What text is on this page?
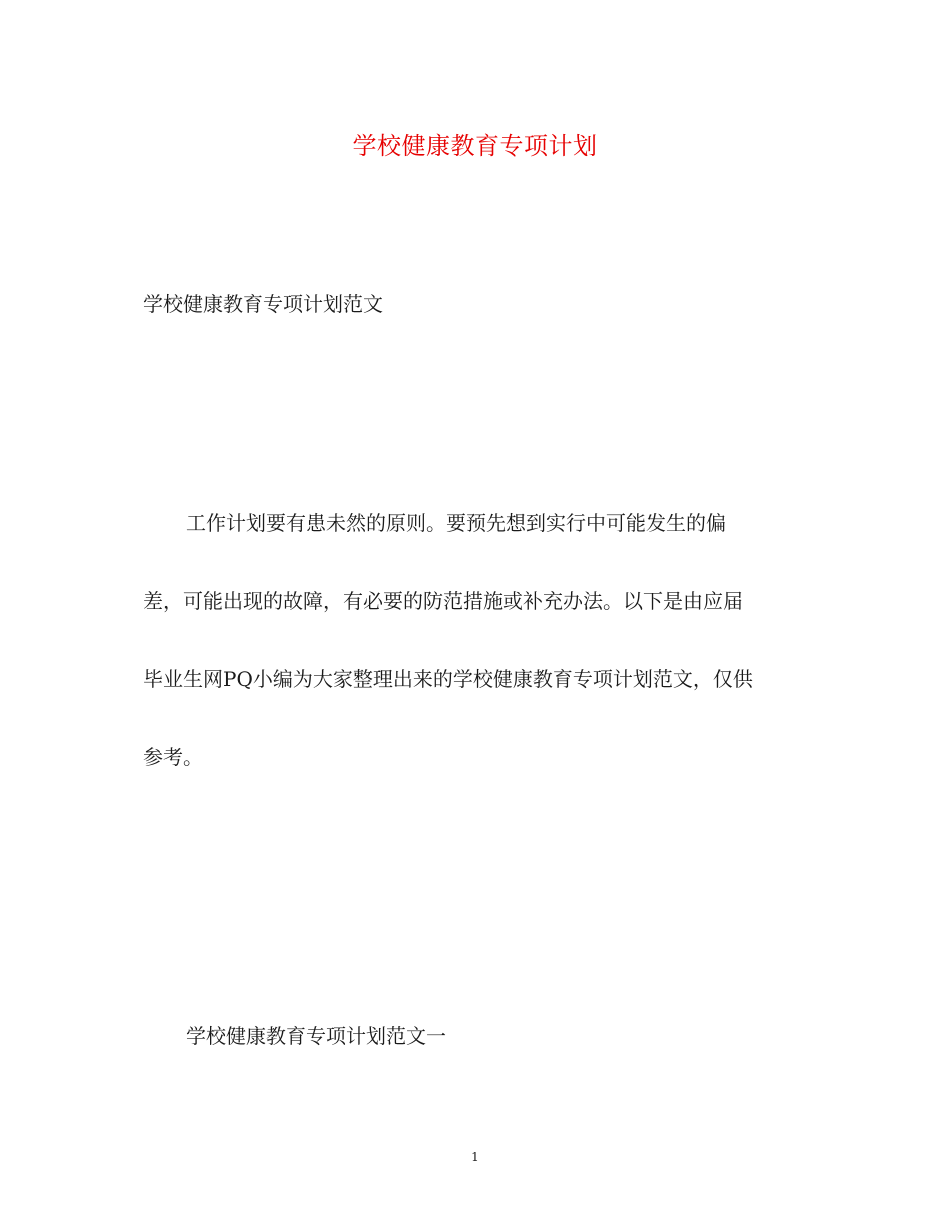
学校健康教育专项计划
学校健康教育专项计划范文
工作计划要有患未然的原则。要预先想到实行中可能发生的偏
差，可能出现的故障，有必要的防范措施或补充办法。以下是由应届
毕业生网PQ小编为大家整理出来的学校健康教育专项计划范文，仅供
参考。
学校健康教育专项计划范文一
1
